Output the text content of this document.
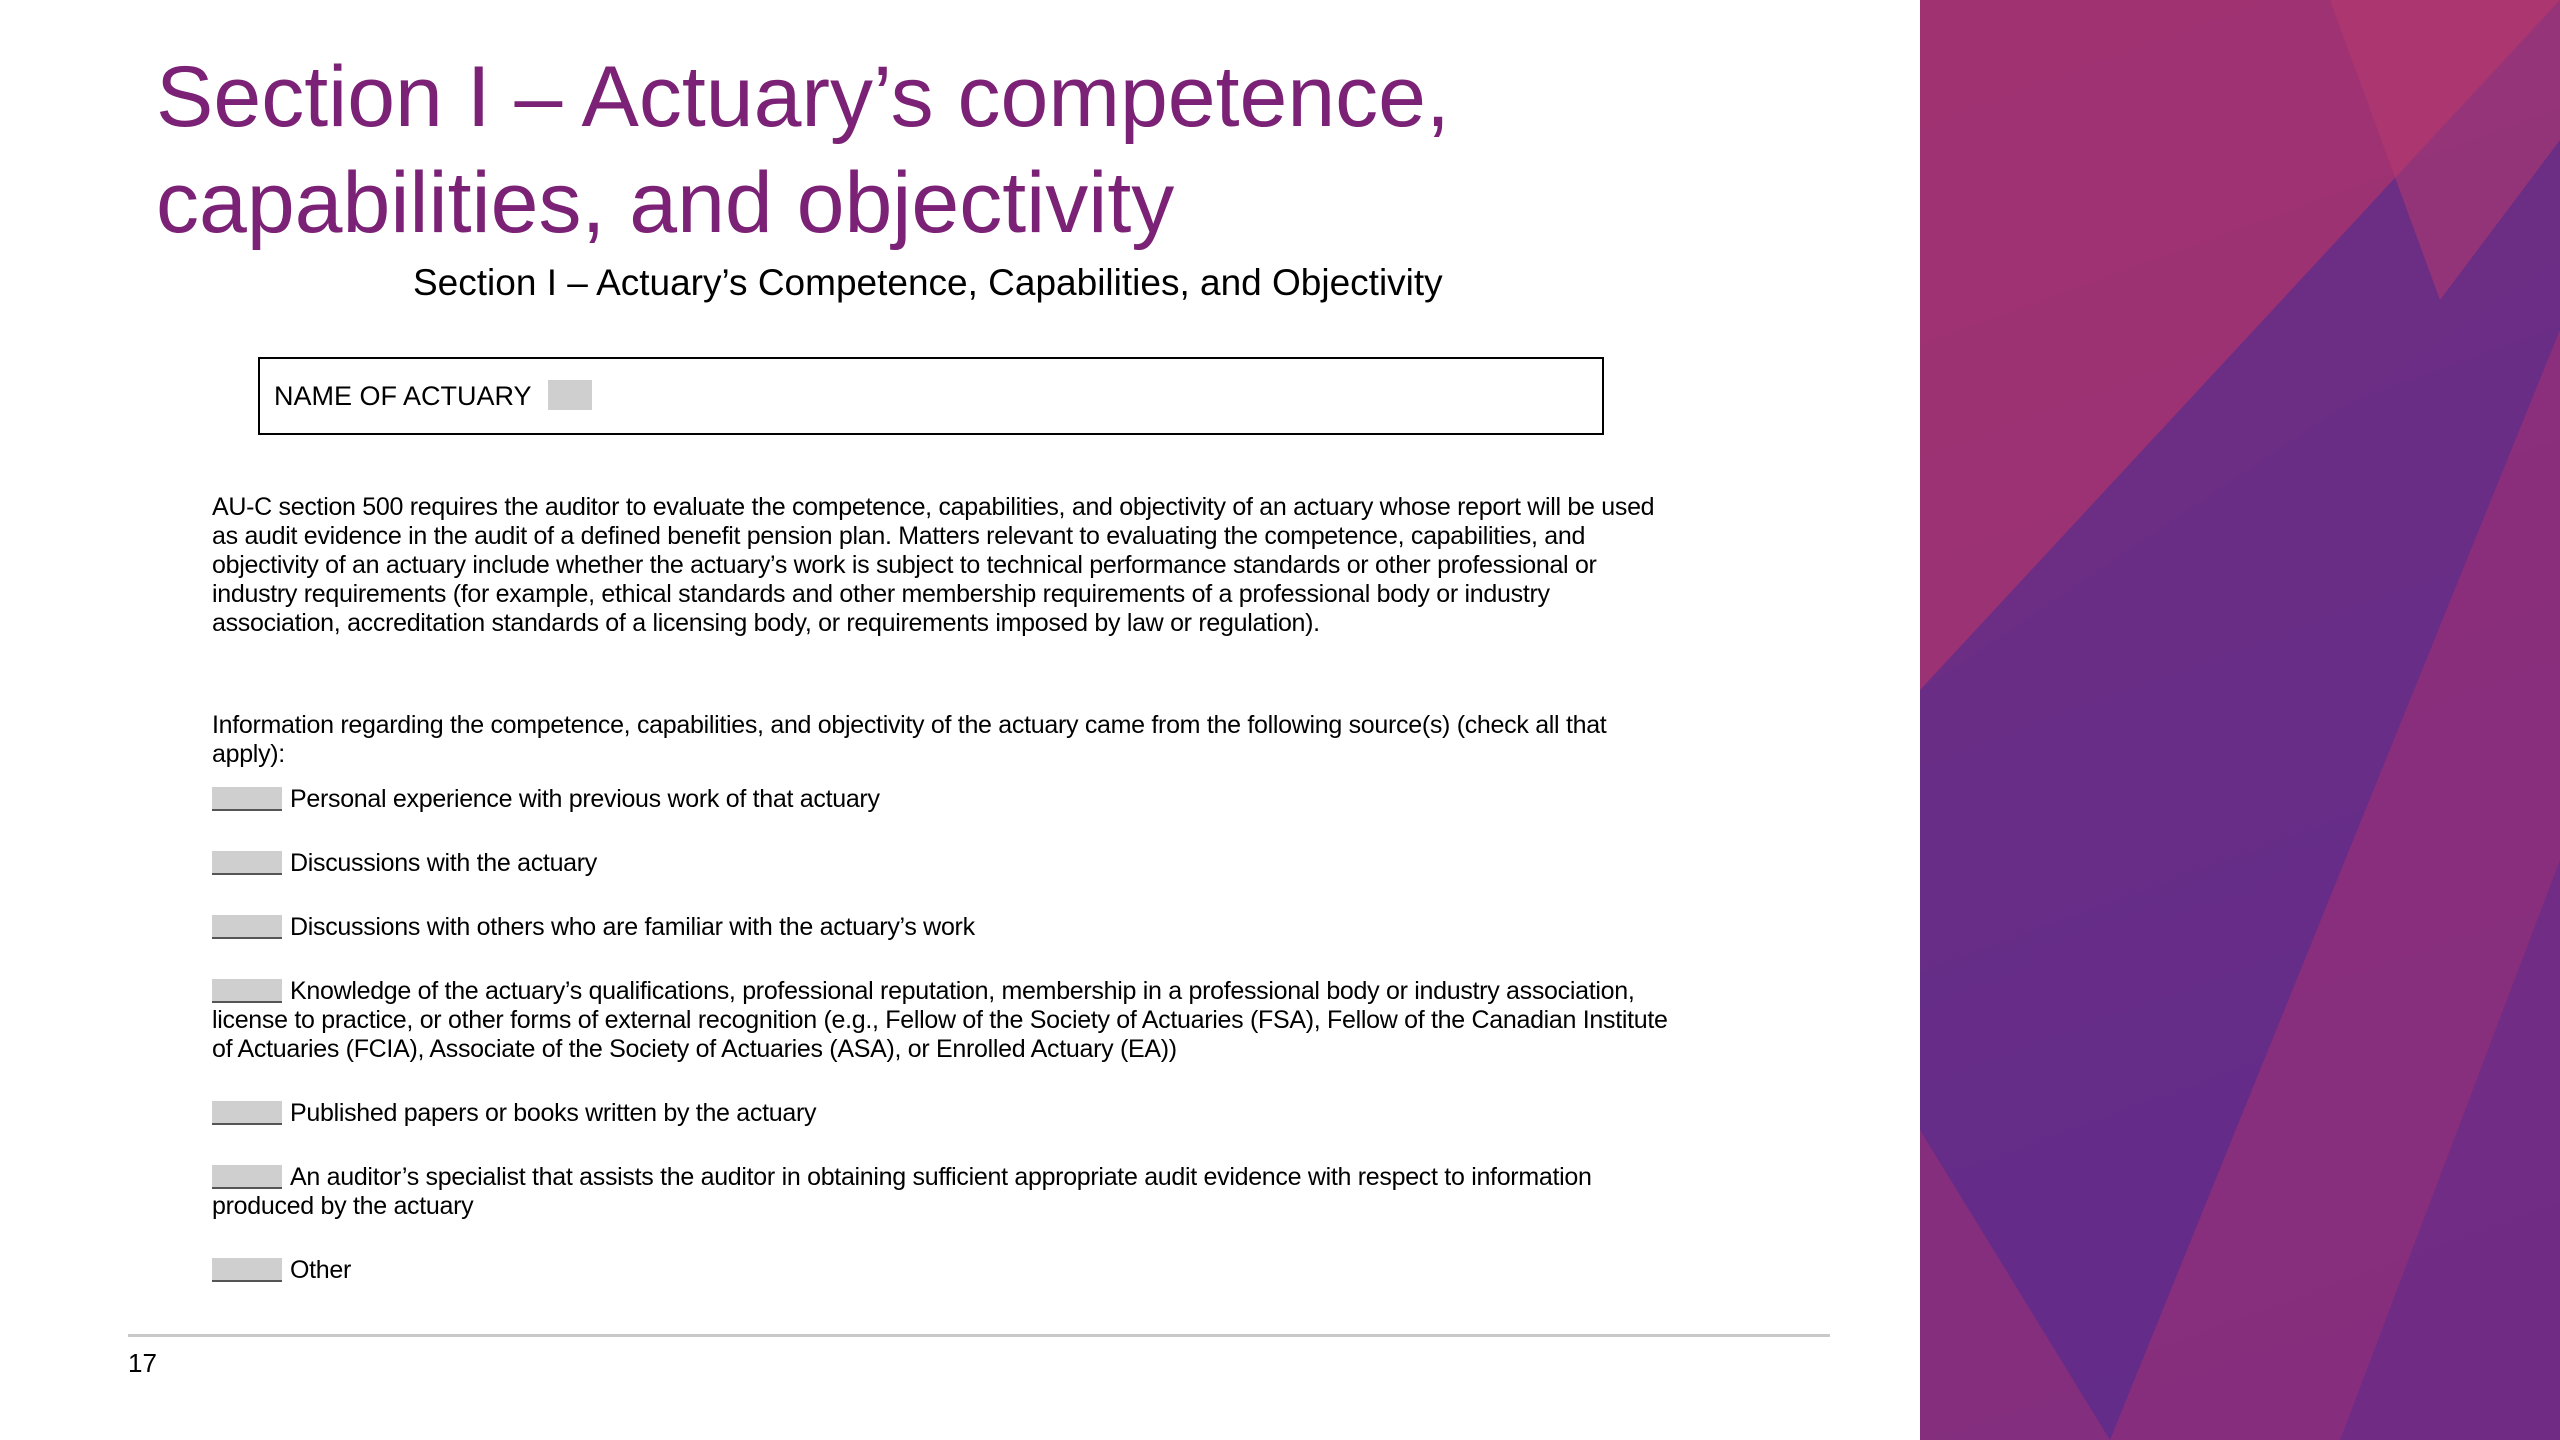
Section I – Actuary’s competence,
capabilities, and objectivity
Section I – Actuary’s Competence, Capabilities, and Objectivity
NAME OF ACTUARY

AU-C section 500 requires the auditor to evaluate the competence, capabilities, and objectivity of an actuary whose report will be used as audit evidence in the audit of a defined benefit pension plan. Matters relevant to evaluating the competence, capabilities, and objectivity of an actuary include whether the actuary’s work is subject to technical performance standards or other professional or industry requirements (for example, ethical standards and other membership requirements of a professional body or industry association, accreditation standards of a licensing body, or requirements imposed by law or regulation).

Information regarding the competence, capabilities, and objectivity of the actuary came from the following source(s) (check all that apply):

Personal experience with previous work of that actuary

Discussions with the actuary

Discussions with others who are familiar with the actuary’s work

Knowledge of the actuary’s qualifications, professional reputation, membership in a professional body or industry association, license to practice, or other forms of external recognition (e.g., Fellow of the Society of Actuaries (FSA), Fellow of the Canadian Institute of Actuaries (FCIA), Associate of the Society of Actuaries (ASA), or Enrolled Actuary (EA))

Published papers or books written by the actuary

An auditor’s specialist that assists the auditor in obtaining sufficient appropriate audit evidence with respect to information produced by the actuary

Other

17
